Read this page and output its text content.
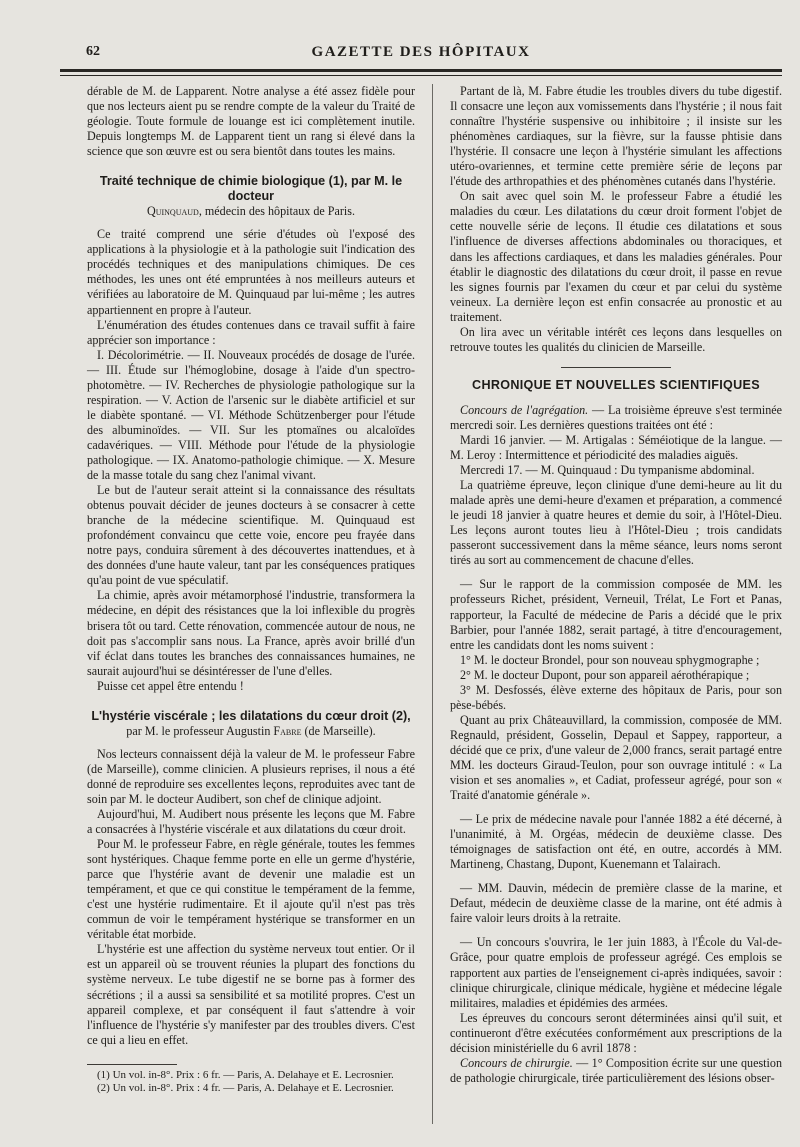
62	GAZETTE DES HÔPITAUX

dérable de M. de Lapparent. Notre analyse a été assez fidèle pour que nos lecteurs aient pu se rendre compte de la valeur du Traité de géologie. Toute formule de louange est ici complètement inutile. Depuis longtemps M. de Lapparent tient un rang si élevé dans la science que son œuvre est ou sera bientôt dans toutes les mains.

Traité technique de chimie biologique (1), par M. le docteur
Quinquaud, médecin des hôpitaux de Paris.

Ce traité comprend une série d'études où l'exposé des applications à la physiologie et à la pathologie suit l'indication des procédés techniques et des manipulations chimiques. De ces méthodes, les unes ont été empruntées à nos meilleurs auteurs et vérifiées au laboratoire de M. Quinquaud par lui-même ; les autres appartiennent en propre à l'auteur.

L'énumération des études contenues dans ce travail suffit à faire apprécier son importance :

I. Décolorimétrie. — II. Nouveaux procédés de dosage de l'urée. — III. Étude sur l'hémoglobine, dosage à l'aide d'un spectro-photomètre. — IV. Recherches de physiologie pathologique sur la respiration. — V. Action de l'arsenic sur le diabète artificiel et sur le diabète spontané. — VI. Méthode Schützenberger pour l'étude des albuminoïdes. — VII. Sur les ptomaïnes ou alcaloïdes cadavériques. — VIII. Méthode pour l'étude de la physiologie pathologique. — IX. Anatomo-pathologie chimique. — X. Mesure de la masse totale du sang chez l'animal vivant.

Le but de l'auteur serait atteint si la connaissance des résultats obtenus pouvait décider de jeunes docteurs à se consacrer à cette branche de la médecine scientifique. M. Quinquaud est profondément convaincu que cette voie, encore peu frayée dans notre pays, conduira sûrement à des découvertes inattendues, et à des données d'une haute valeur, tant par les conséquences pratiques qu'au point de vue spéculatif.

La chimie, après avoir métamorphosé l'industrie, transformera la médecine, en dépit des résistances que la loi inflexible du progrès brisera tôt ou tard. Cette rénovation, commencée autour de nous, ne doit pas s'accomplir sans nous. La France, après avoir brillé d'un vif éclat dans toutes les branches des connaissances humaines, ne saurait aujourd'hui se désintéresser de l'une d'elles.

Puisse cet appel être entendu !

L'hystérie viscérale ; les dilatations du cœur droit (2),
par M. le professeur Augustin Fabre (de Marseille).

Nos lecteurs connaissent déjà la valeur de M. le professeur Fabre (de Marseille), comme clinicien. A plusieurs reprises, il nous a été donné de reproduire ses excellentes leçons, reproduites avec tant de soin par M. le docteur Audibert, son chef de clinique adjoint.

Aujourd'hui, M. Audibert nous présente les leçons que M. Fabre a consacrées à l'hystérie viscérale et aux dilatations du cœur droit.

Pour M. le professeur Fabre, en règle générale, toutes les femmes sont hystériques. Chaque femme porte en elle un germe d'hystérie, parce que l'hystérie avant de devenir une maladie est un tempérament, et que ce qui constitue le tempérament de la femme, c'est une hystérie rudimentaire. Et il ajoute qu'il n'est pas très commun de voir le tempérament hystérique se transformer en un véritable état morbide.

L'hystérie est une affection du système nerveux tout entier. Or il est un appareil où se trouvent réunies la plupart des fonctions du système nerveux. Le tube digestif ne se borne pas à former des sécrétions ; il a aussi sa sensibilité et sa motilité propres. C'est un appareil complexe, et par conséquent il faut s'attendre à voir l'influence de l'hystérie s'y manifester par des troubles divers. C'est ce qui a lieu en effet.

(1) Un vol. in-8°. Prix : 6 fr. — Paris, A. Delahaye et E. Lecrosnier.

(2) Un vol. in-8°. Prix : 4 fr. — Paris, A. Delahaye et E. Lecrosnier.

Partant de là, M. Fabre étudie les troubles divers du tube digestif. Il consacre une leçon aux vomissements dans l'hystérie ; il nous fait connaître l'hystérie suspensive ou inhibitoire ; il insiste sur les phénomènes cardiaques, sur la fièvre, sur la fausse phtisie dans l'hystérie. Il consacre une leçon à l'hystérie simulant les affections utéro-ovariennes, et termine cette première série de leçons par l'étude des arthropathies et des phénomènes cutanés dans l'hystérie.

On sait avec quel soin M. le professeur Fabre a étudié les maladies du cœur. Les dilatations du cœur droit forment l'objet de cette nouvelle série de leçons. Il étudie ces dilatations et sous l'influence de diverses affections abdominales ou thoraciques, et dans les affections cardiaques, et dans les maladies générales. Pour établir le diagnostic des dilatations du cœur droit, il passe en revue les signes fournis par l'examen du cœur et par celui du système veineux. La dernière leçon est enfin consacrée au pronostic et au traitement.

On lira avec un véritable intérêt ces leçons dans lesquelles on retrouve toutes les qualités du clinicien de Marseille.

CHRONIQUE ET NOUVELLES SCIENTIFIQUES

Concours de l'agrégation. — La troisième épreuve s'est terminée mercredi soir. Les dernières questions traitées ont été :

Mardi 16 janvier. — M. Artigalas : Séméiotique de la langue. — M. Leroy : Intermittence et périodicité des maladies aiguës.

Mercredi 17. — M. Quinquaud : Du tympanisme abdominal.

La quatrième épreuve, leçon clinique d'une demi-heure au lit du malade après une demi-heure d'examen et préparation, a commencé le jeudi 18 janvier à quatre heures et demie du soir, à l'Hôtel-Dieu. Les leçons auront toutes lieu à l'Hôtel-Dieu ; trois candidats passeront successivement dans la même séance, leurs noms seront tirés au sort au commencement de chacune d'elles.

— Sur le rapport de la commission composée de MM. les professeurs Richet, président, Verneuil, Trélat, Le Fort et Panas, rapporteur, la Faculté de médecine de Paris a décidé que le prix Barbier, pour l'année 1882, serait partagé, à titre d'encouragement, entre les candidats dont les noms suivent :

1° M. le docteur Brondel, pour son nouveau sphygmographe ;

2° M. le docteur Dupont, pour son appareil aérothérapique ;

3° M. Desfossés, élève externe des hôpitaux de Paris, pour son pèse-bébés.

Quant au prix Châteauvillard, la commission, composée de MM. Regnauld, président, Gosselin, Depaul et Sappey, rapporteur, a décidé que ce prix, d'une valeur de 2,000 francs, serait partagé entre MM. les docteurs Giraud-Teulon, pour son ouvrage intitulé : « La vision et ses anomalies », et Cadiat, professeur agrégé, pour son « Traité d'anatomie générale ».

— Le prix de médecine navale pour l'année 1882 a été décerné, à l'unanimité, à M. Orgéas, médecin de deuxième classe. Des témoignages de satisfaction ont été, en outre, accordés à MM. Martineng, Chastang, Dupont, Kuenemann et Talairach.

— MM. Dauvin, médecin de première classe de la marine, et Defaut, médecin de deuxième classe de la marine, ont été admis à faire valoir leurs droits à la retraite.

— Un concours s'ouvrira, le 1er juin 1883, à l'École du Val-de-Grâce, pour quatre emplois de professeur agrégé. Ces emplois se rapportent aux parties de l'enseignement ci-après indiquées, savoir : clinique chirurgicale, clinique médicale, hygiène et médecine légale militaires, maladies et épidémies des armées.

Les épreuves du concours seront déterminées ainsi qu'il suit, et continueront d'être exécutées conformément aux prescriptions de la décision ministérielle du 6 avril 1878 :

Concours de chirurgie. — 1° Composition écrite sur une question de pathologie chirurgicale, tirée particulièrement des lésions obser-
